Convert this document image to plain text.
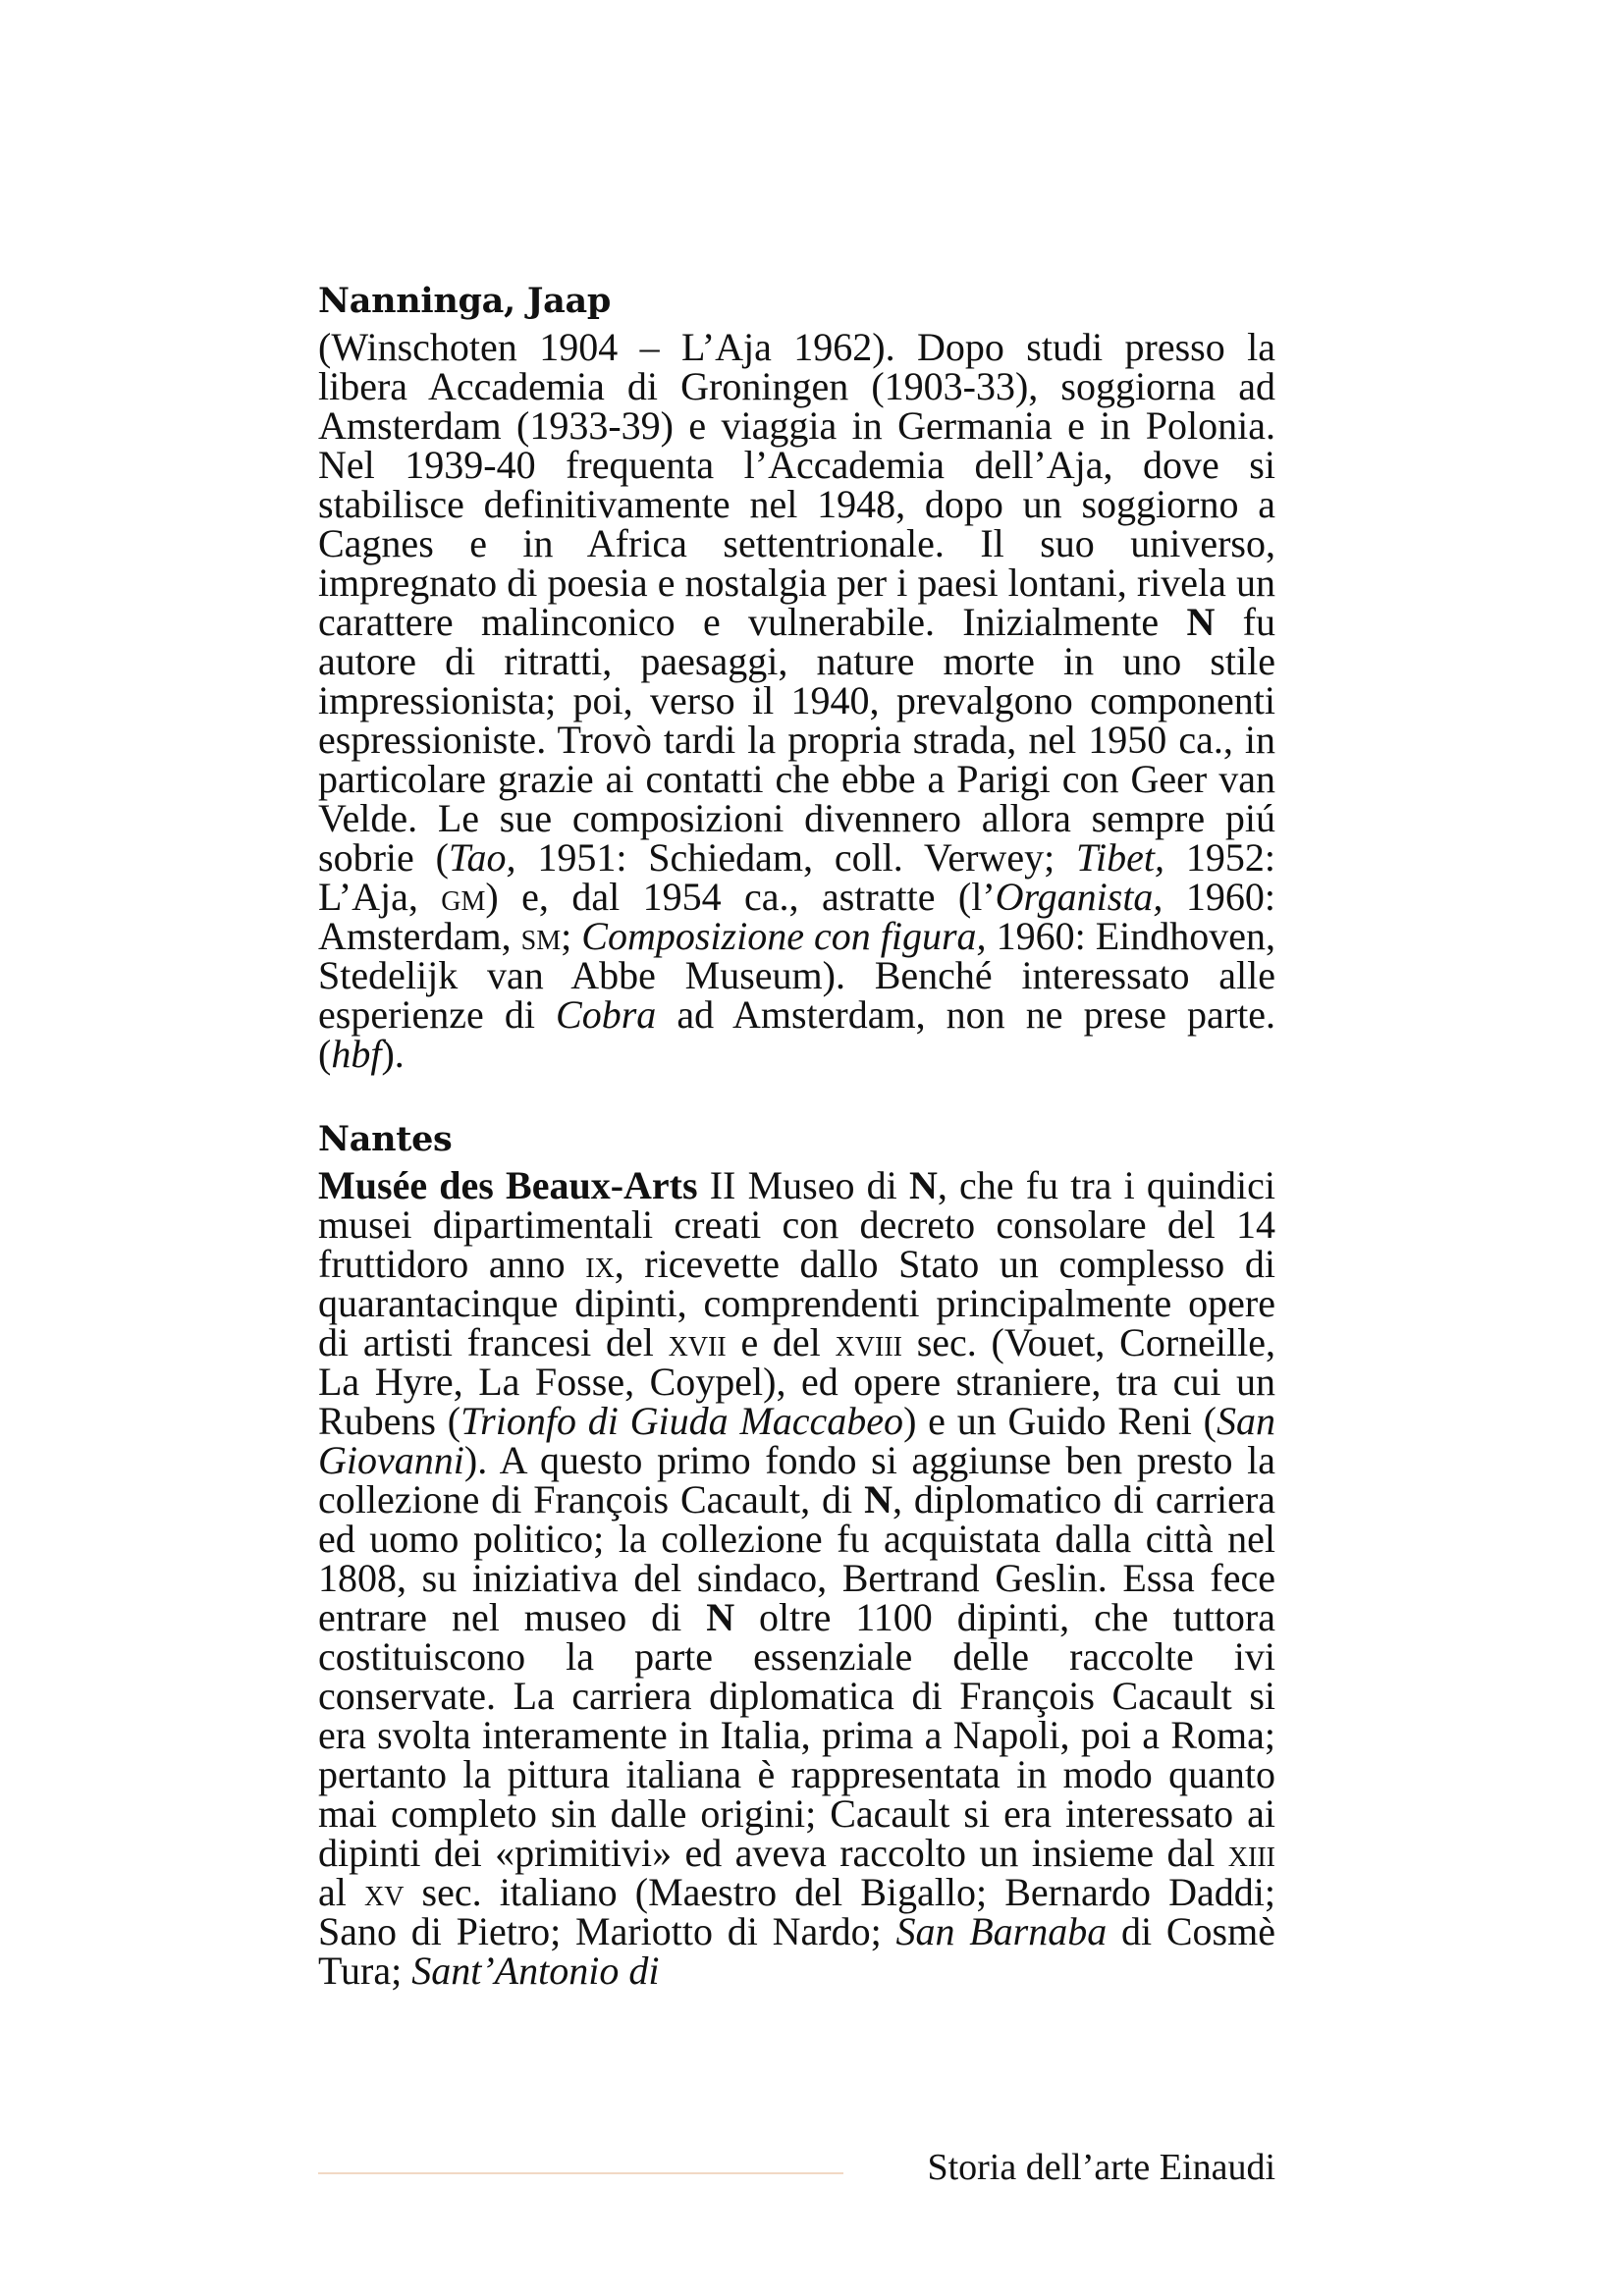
Nanninga, Jaap

(Winschoten 1904 – L’Aja 1962). Dopo studi presso la libera Accademia di Groningen (1903-33), soggiorna ad Amsterdam (1933-39) e viaggia in Germania e in Polonia. Nel 1939-40 frequenta l’Accademia dell’Aja, dove si stabilisce definitivamente nel 1948, dopo un soggiorno a Cagnes e in Africa settentrionale. Il suo universo, impregnato di poesia e nostalgia per i paesi lontani, rivela un carattere malinconico e vulnerabile. Inizialmente N fu autore di ritratti, paesaggi, nature morte in uno stile impressionista; poi, verso il 1940, prevalgono componenti espressioniste. Trovò tardi la propria strada, nel 1950 ca., in particolare grazie ai contatti che ebbe a Parigi con Geer van Velde. Le sue composizioni divennero allora sempre piú sobrie (Tao, 1951: Schiedam, coll. Verwey; Tibet, 1952: L’Aja, gm) e, dal 1954 ca., astratte (l’Organista, 1960: Amsterdam, sm; Composizione con figura, 1960: Eindhoven, Stedelijk van Abbe Museum). Benché interessato alle esperienze di Cobra ad Amsterdam, non ne prese parte. (hbf).

Nantes

Musée des Beaux-Arts II Museo di N, che fu tra i quindici musei dipartimentali creati con decreto consolare del 14 fruttidoro anno ix, ricevette dallo Stato un complesso di quarantacinque dipinti, comprendenti principalmente opere di artisti francesi del xvii e del xviii sec. (Vouet, Corneille, La Hyre, La Fosse, Coypel), ed opere straniere, tra cui un Rubens (Trionfo di Giuda Maccabeo) e un Guido Reni (San Giovanni). A questo primo fondo si aggiunse ben presto la collezione di François Cacault, di N, diplomatico di carriera ed uomo politico; la collezione fu acquistata dalla città nel 1808, su iniziativa del sindaco, Bertrand Geslin. Essa fece entrare nel museo di N oltre 1100 dipinti, che tuttora costituiscono la parte essenziale delle raccolte ivi conservate. La carriera diplomatica di François Cacault si era svolta interamente in Italia, prima a Napoli, poi a Roma; pertanto la pittura italiana è rappresentata in modo quanto mai completo sin dalle origini; Cacault si era interessato ai dipinti dei «primitivi» ed aveva raccolto un insieme dal xiii al xv sec. italiano (Maestro del Bigallo; Bernardo Daddi; Sano di Pietro; Mariotto di Nardo; San Barnaba di Cosmè Tura; Sant’Antonio di

Storia dell’arte Einaudi
